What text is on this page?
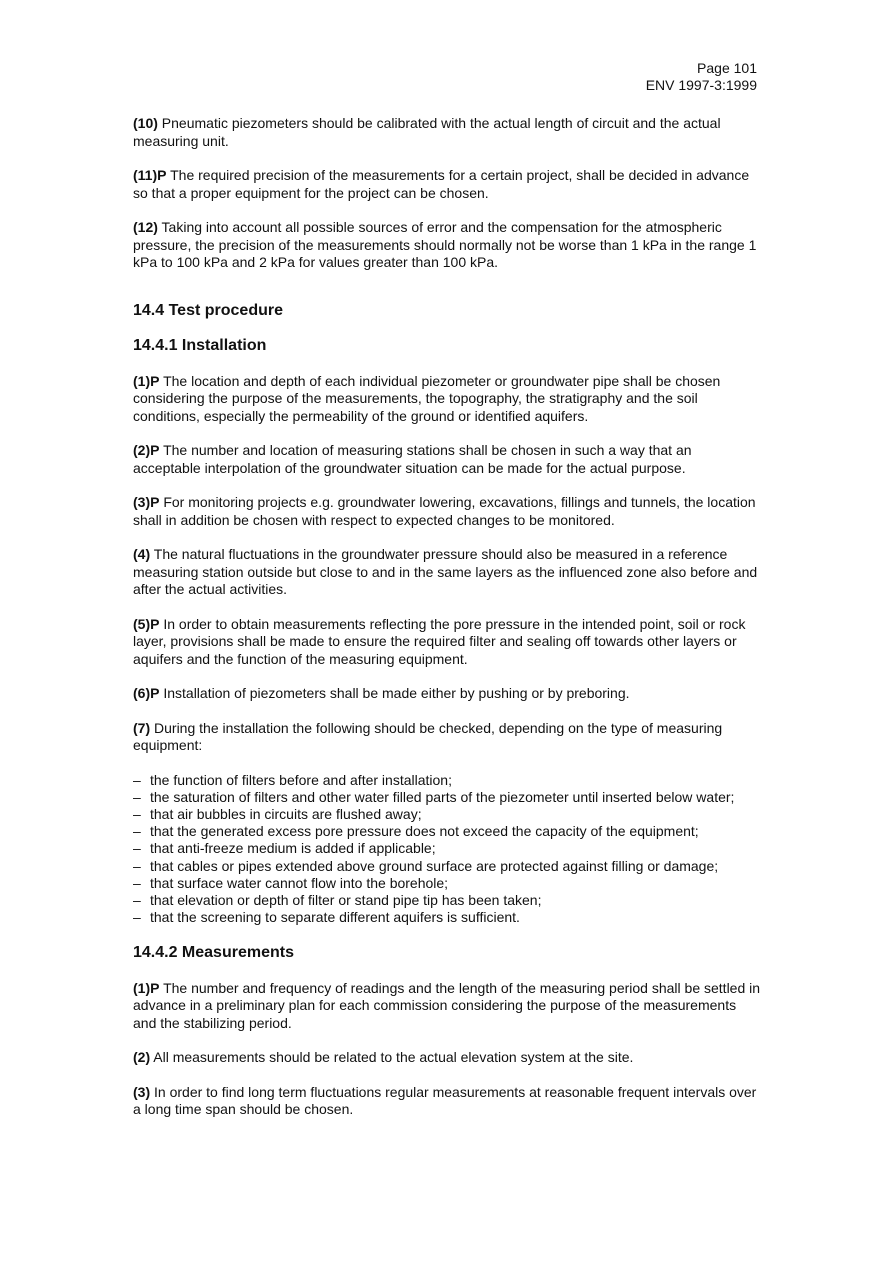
Page 101
ENV 1997-3:1999

(10) Pneumatic piezometers should be calibrated with the actual length of circuit and the actual measuring unit.

(11)P The required precision of the measurements for a certain project, shall be decided in advance so that a proper equipment for the project can be chosen.

(12) Taking into account all possible sources of error and the compensation for the atmospheric pressure, the precision of the measurements should normally not be worse than 1 kPa in the range 1 kPa to 100 kPa and 2 kPa for values greater than 100 kPa.

14.4 Test procedure
14.4.1 Installation

(1)P The location and depth of each individual piezometer or groundwater pipe shall be chosen considering the purpose of the measurements, the topography, the stratigraphy and the soil conditions, especially the permeability of the ground or identified aquifers.

(2)P The number and location of measuring stations shall be chosen in such a way that an acceptable interpolation of the groundwater situation can be made for the actual purpose.

(3)P For monitoring projects e.g. groundwater lowering, excavations, fillings and tunnels, the location shall in addition be chosen with respect to expected changes to be monitored.

(4) The natural fluctuations in the groundwater pressure should also be measured in a reference measuring station outside but close to and in the same layers as the influenced zone also before and after the actual activities.

(5)P In order to obtain measurements reflecting the pore pressure in the intended point, soil or rock layer, provisions shall be made to ensure the required filter and sealing off towards other layers or aquifers and the function of the measuring equipment.

(6)P Installation of piezometers shall be made either by pushing or by preboring.

(7) During the installation the following should be checked, depending on the type of measuring equipment:

– the function of filters before and after installation;
– the saturation of filters and other water filled parts of the piezometer until inserted below water;
– that air bubbles in circuits are flushed away;
– that the generated excess pore pressure does not exceed the capacity of the equipment;
– that anti-freeze medium is added if applicable;
– that cables or pipes extended above ground surface are protected against filling or damage;
– that surface water cannot flow into the borehole;
– that elevation or depth of filter or stand pipe tip has been taken;
– that the screening to separate different aquifers is sufficient.
14.4.2 Measurements

(1)P The number and frequency of readings and the length of the measuring period shall be settled in advance in a preliminary plan for each commission considering the purpose of the measurements and the stabilizing period.

(2) All measurements should be related to the actual elevation system at the site.

(3) In order to find long term fluctuations regular measurements at reasonable frequent intervals over a long time span should be chosen.
